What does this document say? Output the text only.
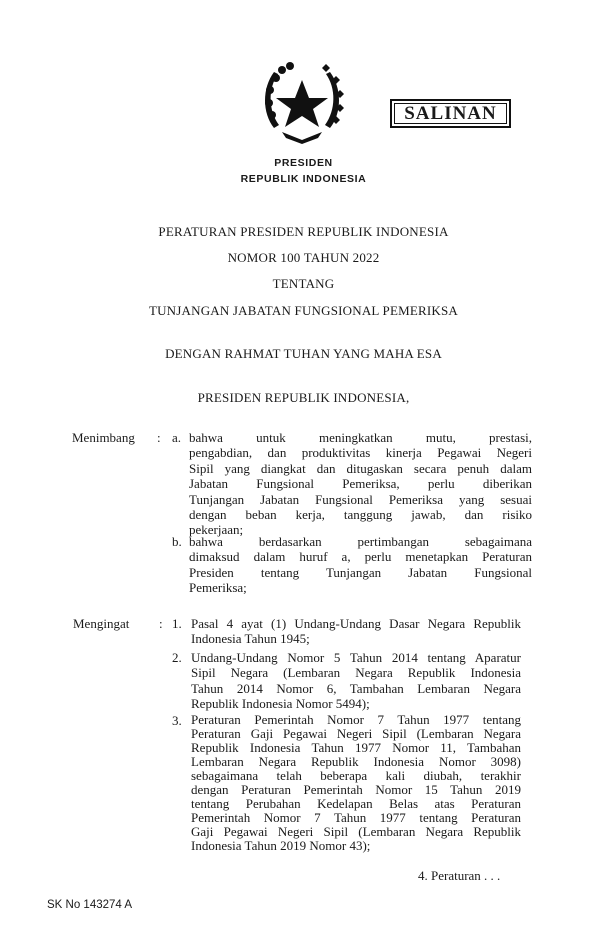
SALINAN
PRESIDEN
REPUBLIK INDONESIA
PERATURAN PRESIDEN REPUBLIK INDONESIA
NOMOR 100 TAHUN 2022
TENTANG
TUNJANGAN JABATAN FUNGSIONAL PEMERIKSA
DENGAN RAHMAT TUHAN YANG MAHA ESA
PRESIDEN REPUBLIK INDONESIA,
Menimbang : a. bahwa untuk meningkatkan mutu, prestasi,
pengabdian, dan produktivitas kinerja Pegawai Negeri
Sipil yang diangkat dan ditugaskan secara penuh dalam
Jabatan Fungsional Pemeriksa, perlu diberikan
Tunjangan Jabatan Fungsional Pemeriksa yang sesuai
dengan beban kerja, tanggung jawab, dan risiko
pekerjaan;
b. bahwa berdasarkan pertimbangan sebagaimana
dimaksud dalam huruf a, perlu menetapkan Peraturan
Presiden tentang Tunjangan Jabatan Fungsional
Pemeriksa;
Mengingat : 1. Pasal 4 ayat (1) Undang-Undang Dasar Negara Republik
Indonesia Tahun 1945;
2. Undang-Undang Nomor 5 Tahun 2014 tentang Aparatur
Sipil Negara (Lembaran Negara Republik Indonesia
Tahun 2014 Nomor 6, Tambahan Lembaran Negara
Republik Indonesia Nomor 5494);
3. Peraturan Pemerintah Nomor 7 Tahun 1977 tentang
Peraturan Gaji Pegawai Negeri Sipil (Lembaran Negara
Republik Indonesia Tahun 1977 Nomor 11, Tambahan
Lembaran Negara Republik Indonesia Nomor 3098)
sebagaimana telah beberapa kali diubah, terakhir
dengan Peraturan Pemerintah Nomor 15 Tahun 2019
tentang Perubahan Kedelapan Belas atas Peraturan
Pemerintah Nomor 7 Tahun 1977 tentang Peraturan
Gaji Pegawai Negeri Sipil (Lembaran Negara Republik
Indonesia Tahun 2019 Nomor 43);
4. Peraturan . . .
SK No 143274 A
